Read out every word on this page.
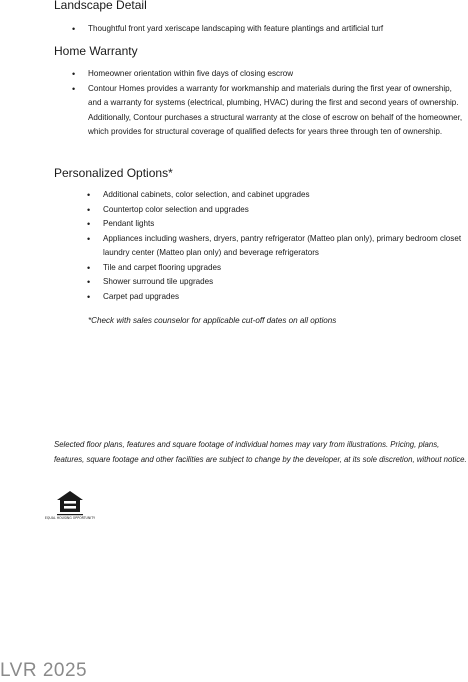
Landscape Detail
• Thoughtful front yard xeriscape landscaping with feature plantings and artificial turf
Home Warranty
• Homeowner orientation within five days of closing escrow
• Contour Homes provides a warranty for workmanship and materials during the first year of ownership, and a warranty for systems (electrical, plumbing, HVAC) during the first and second years of ownership. Additionally, Contour purchases a structural warranty at the close of escrow on behalf of the homeowner, which provides for structural coverage of qualified defects for years three through ten of ownership.
Personalized Options*
• Additional cabinets, color selection, and cabinet upgrades
• Countertop color selection and upgrades
• Pendant lights
• Appliances including washers, dryers, pantry refrigerator (Matteo plan only), primary bedroom closet laundry center (Matteo plan only) and beverage refrigerators
• Tile and carpet flooring upgrades
• Shower surround tile upgrades
• Carpet pad upgrades

*Check with sales counselor for applicable cut-off dates on all options

Selected floor plans, features and square footage of individual homes may vary from illustrations. Pricing, plans, features, square footage and other facilities are subject to change by the developer, at its sole discretion, without notice.

EQUAL HOUSING OPPORTUNITY
LVR 2025
